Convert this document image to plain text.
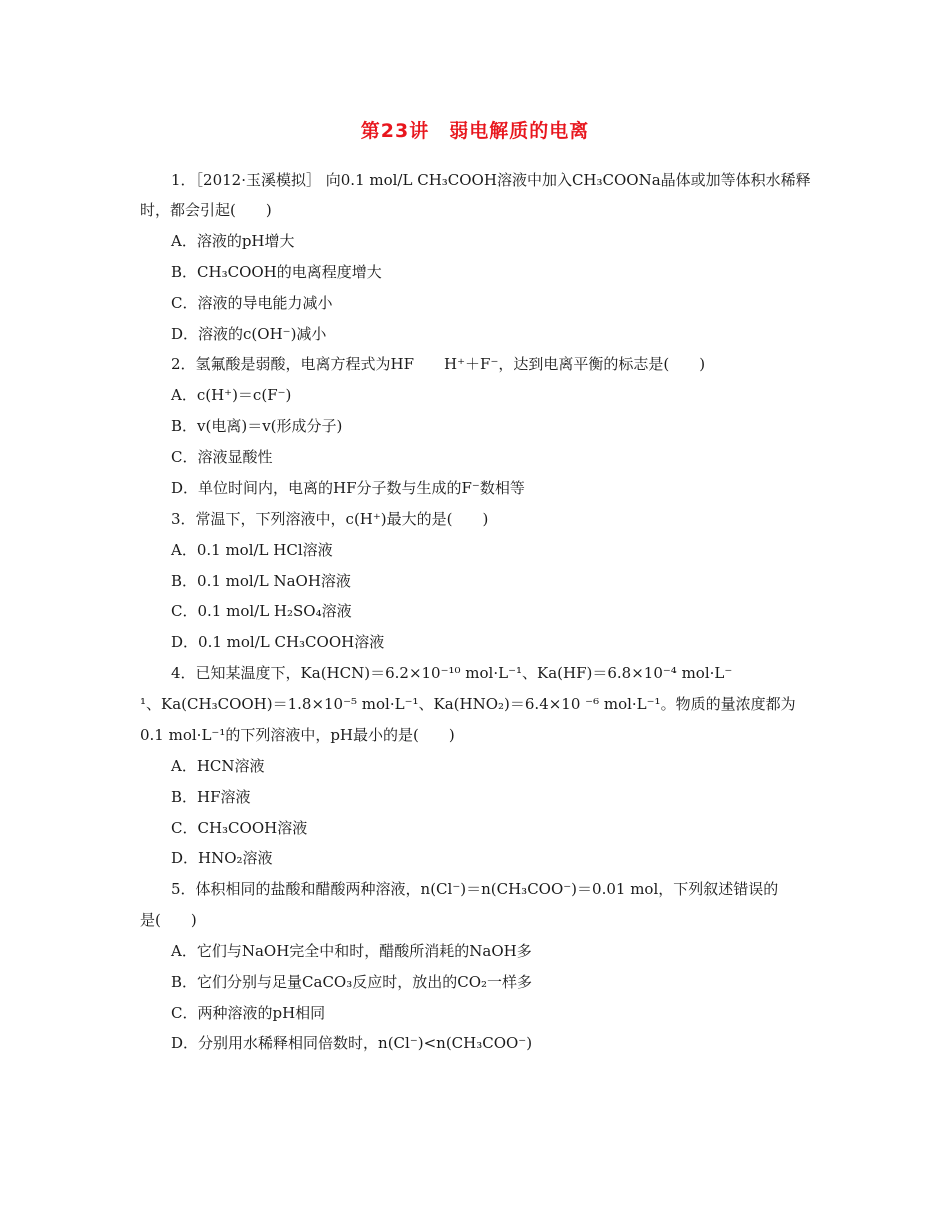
第23讲　弱电解质的电离
1．［2012·玉溪模拟］ 向0.1 mol/L CH₃COOH溶液中加入CH₃COONa晶体或加等体积水稀释
时，都会引起(　　)
A．溶液的pH增大
B．CH₃COOH的电离程度增大
C．溶液的导电能力减小
D．溶液的c(OH⁻)减小
2．氢氟酸是弱酸，电离方程式为HF　　H⁺＋F⁻，达到电离平衡的标志是(　　)
A．c(H⁺)＝c(F⁻)
B．v(电离)＝v(形成分子)
C．溶液显酸性
D．单位时间内，电离的HF分子数与生成的F⁻数相等
3．常温下，下列溶液中，c(H⁺)最大的是(　　)
A．0.1 mol/L HCl溶液
B．0.1 mol/L NaOH溶液
C．0.1 mol/L H₂SO₄溶液
D．0.1 mol/L CH₃COOH溶液
4．已知某温度下，Ka(HCN)＝6.2×10⁻¹⁰ mol·L⁻¹、Ka(HF)＝6.8×10⁻⁴ mol·L⁻
¹、Ka(CH₃COOH)＝1.8×10⁻⁵ mol·L⁻¹、Ka(HNO₂)＝6.4×10 ⁻⁶ mol·L⁻¹。物质的量浓度都为
0.1 mol·L⁻¹的下列溶液中，pH最小的是(　　)
A．HCN溶液
B．HF溶液
C．CH₃COOH溶液
D．HNO₂溶液
5．体积相同的盐酸和醋酸两种溶液，n(Cl⁻)＝n(CH₃COO⁻)＝0.01 mol，下列叙述错误的
是(　　)
A．它们与NaOH完全中和时，醋酸所消耗的NaOH多
B．它们分别与足量CaCO₃反应时，放出的CO₂一样多
C．两种溶液的pH相同
D．分别用水稀释相同倍数时，n(Cl⁻)<n(CH₃COO⁻)
